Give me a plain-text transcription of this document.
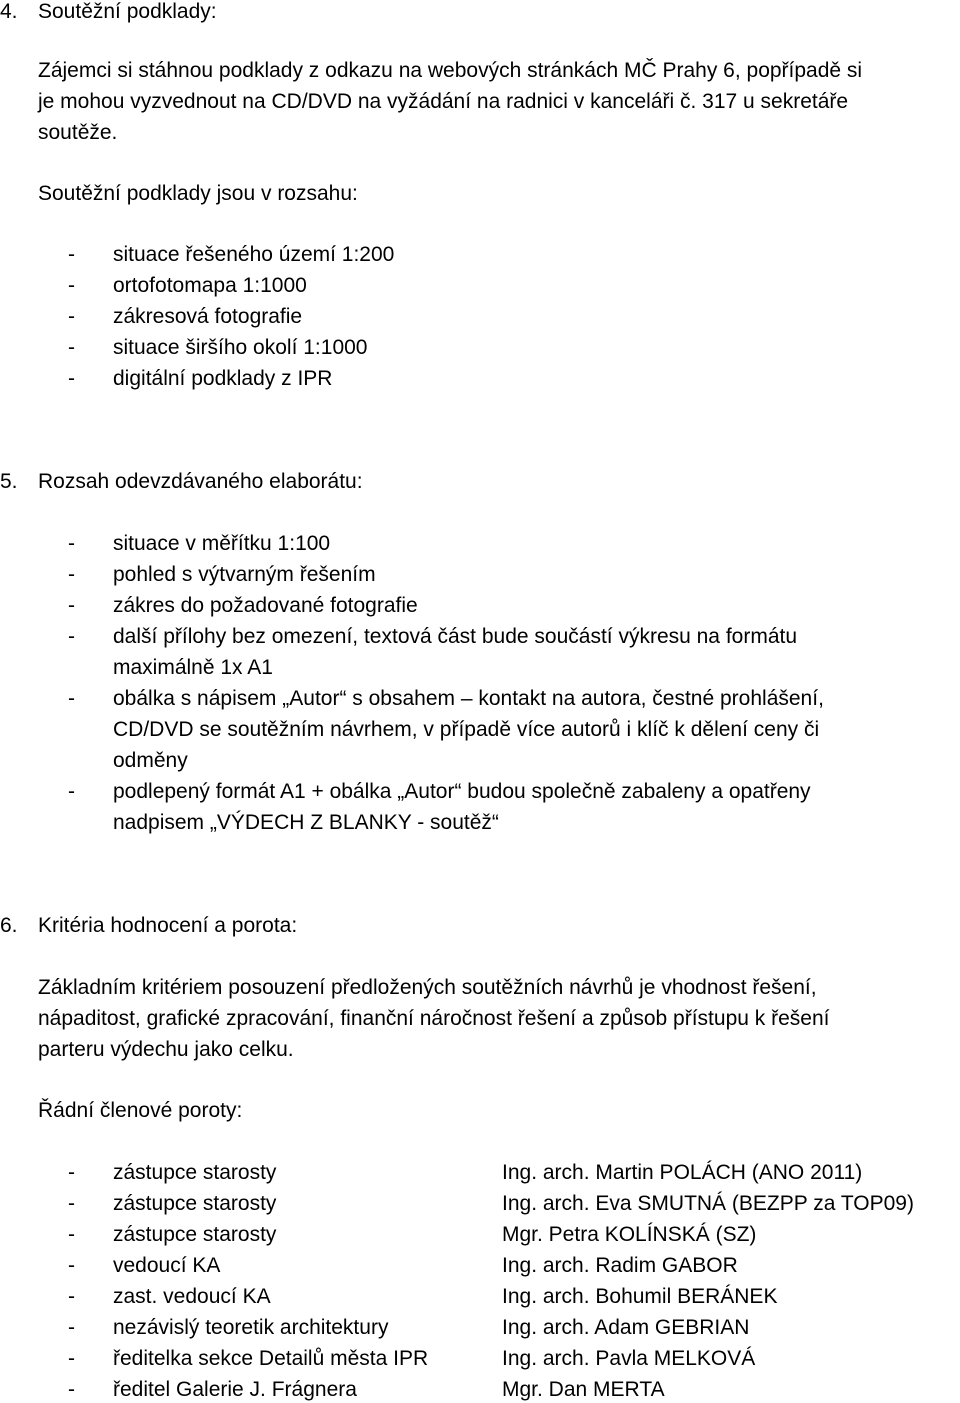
4. Soutěžní podklady:
Zájemci si stáhnou podklady z odkazu na webových stránkách MČ Prahy 6, popřípadě si
je mohou vyzvednout na CD/DVD na vyžádání na radnici v kanceláři č. 317 u sekretáře
soutěže.
Soutěžní podklady jsou v rozsahu:
- situace řešeného území 1:200
- ortofotomapa 1:1000
- zákresová fotografie
- situace širšího okolí 1:1000
- digitální podklady z IPR
5. Rozsah odevzdávaného elaborátu:
- situace v měřítku 1:100
- pohled s výtvarným řešením
- zákres do požadované fotografie
- další přílohy bez omezení, textová část bude součástí výkresu na formátu
maximálně 1x A1
- obálka s nápisem „Autor“ s obsahem – kontakt na autora, čestné prohlášení,
CD/DVD se soutěžním návrhem, v případě více autorů i klíč k dělení ceny či
odměny
- podlepený formát A1 + obálka „Autor“ budou společně zabaleny a opatřeny
nadpisem „VÝDECH Z BLANKY - soutěž“
6. Kritéria hodnocení a porota:
Základním kritériem posouzení předložených soutěžních návrhů je vhodnost řešení,
nápaditost, grafické zpracování, finanční náročnost řešení a způsob přístupu k řešení
parteru výdechu jako celku.
Řádní členové poroty:
- zástupce starosty	Ing. arch. Martin POLÁCH (ANO 2011)
- zástupce starosty	Ing. arch. Eva SMUTNÁ (BEZPP za TOP09)
- zástupce starosty	Mgr. Petra KOLÍNSKÁ (SZ)
- vedoucí KA	Ing. arch. Radim GABOR
- zast. vedoucí KA	Ing. arch. Bohumil BERÁNEK
- nezávislý teoretik architektury	Ing. arch. Adam GEBRIAN
- ředitelka sekce Detailů města IPR	Ing. arch. Pavla MELKOVÁ
- ředitel Galerie J. Frágnera	Mgr. Dan MERTA
